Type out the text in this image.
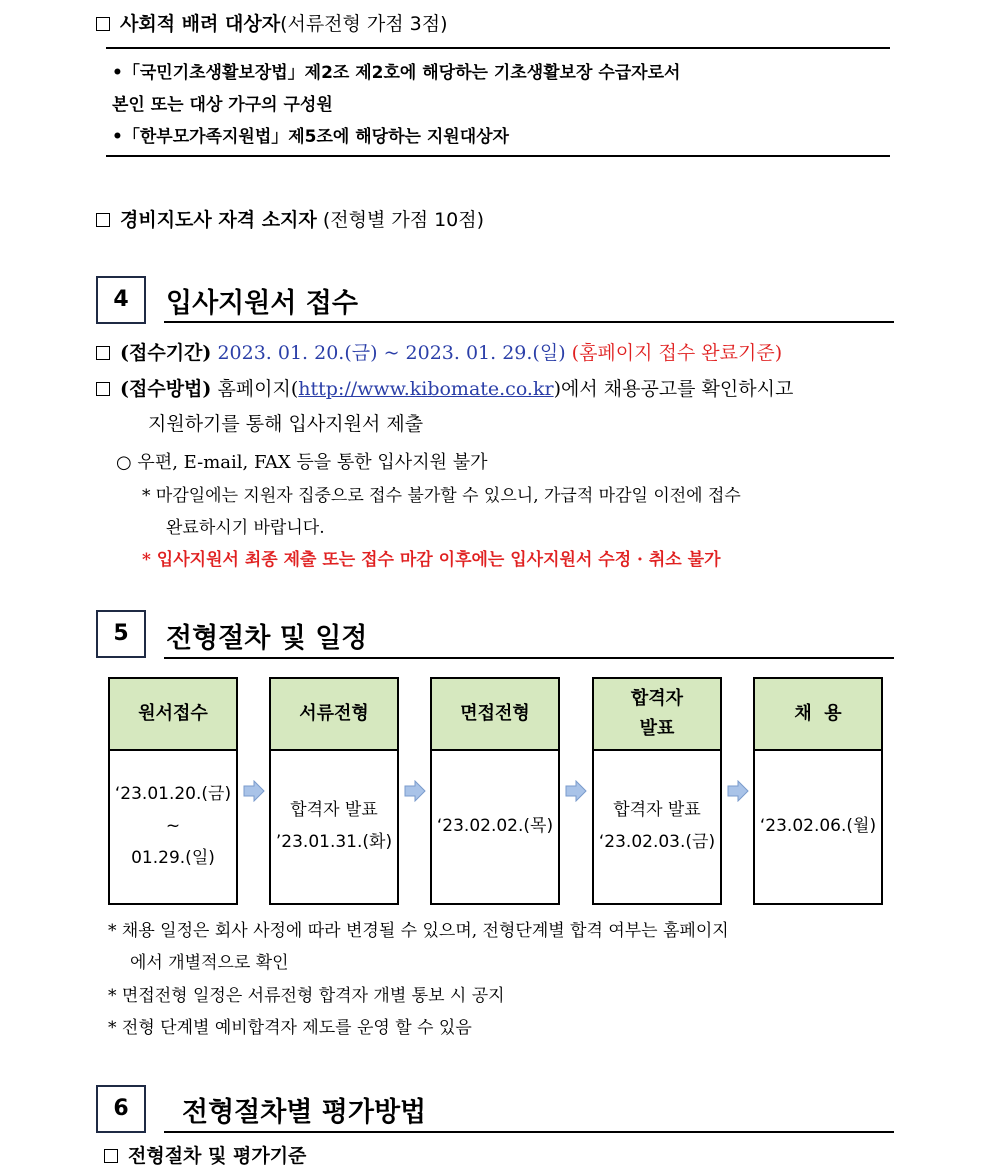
사회적 배려 대상자(서류전형 가점 3점)
•「국민기초생활보장법」제2조 제2호에 해당하는 기초생활보장 수급자로서
본인 또는 대상 가구의 구성원
•「한부모가족지원법」제5조에 해당하는 지원대상자
경비지도사 자격 소지자 (전형별 가점 10점)
4	입사지원서 접수
(접수기간) 2023. 01. 20.(금) ~ 2023. 01. 29.(일) (홈페이지 접수 완료기준)
(접수방법) 홈페이지(http://www.kibomate.co.kr)에서 채용공고를 확인하시고
지원하기를 통해 입사지원서 제출
○ 우편, E-mail, FAX 등을 통한 입사지원 불가
* 마감일에는 지원자 집중으로 접수 불가할 수 있으니, 가급적 마감일 이전에 접수
완료하시기 바랍니다.
* 입사지원서 최종 제출 또는 접수 마감 이후에는 입사지원서 수정 · 취소 불가
5	전형절차 및 일정
원서접수
‘23.01.20.(금)
~
01.29.(일)
서류전형
합격자 발표
’23.01.31.(화)
면접전형
‘23.02.02.(목)
합격자
발표
합격자 발표
‘23.02.03.(금)
채  용
‘23.02.06.(월)
* 채용 일정은 회사 사정에 따라 변경될 수 있으며, 전형단계별 합격 여부는 홈페이지
에서 개별적으로 확인
* 면접전형 일정은 서류전형 합격자 개별 통보 시 공지
* 전형 단계별 예비합격자 제도를 운영 할 수 있음
6	전형절차별 평가방법
전형절차 및 평가기준
